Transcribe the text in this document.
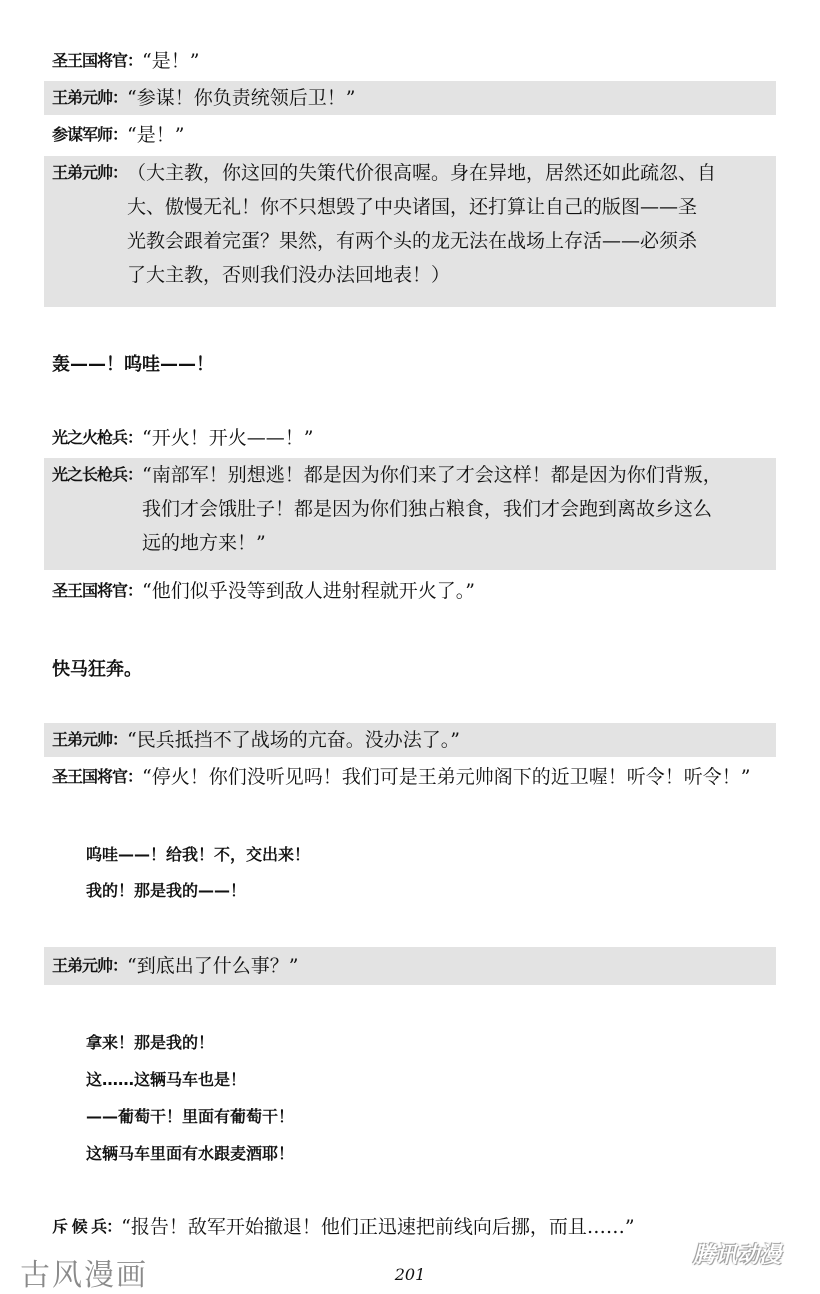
圣王国将官： “是！”
王弟元帅： “参谋！你负责统领后卫！”
参谋军师： “是！”
王弟元帅： （大主教，你这回的失策代价很高喔。身在异地，居然还如此疏忽、自
大、傲慢无礼！你不只想毁了中央诸国，还打算让自己的版图——圣
光教会跟着完蛋？果然，有两个头的龙无法在战场上存活——必须杀
了大主教，否则我们没办法回地表！）
轰——！呜哇——！
光之火枪兵： “开火！开火——！”
光之长枪兵： “南部军！别想逃！都是因为你们来了才会这样！都是因为你们背叛，
我们才会饿肚子！都是因为你们独占粮食，我们才会跑到离故乡这么
远的地方来！”
圣王国将官： “他们似乎没等到敌人进射程就开火了。”
快马狂奔。
王弟元帅： “民兵抵挡不了战场的亢奋。没办法了。”
圣王国将官： “停火！你们没听见吗！我们可是王弟元帅阁下的近卫喔！听令！听令！”
呜哇——！给我！不，交出来！
我的！那是我的——！
王弟元帅： “到底出了什么事？”
拿来！那是我的！
这……这辆马车也是！
——葡萄干！里面有葡萄干！
这辆马车里面有水跟麦酒耶！
斥 候 兵： “报告！敌军开始撤退！他们正迅速把前线向后挪，而且……”
古风漫画	201
腾讯动漫
